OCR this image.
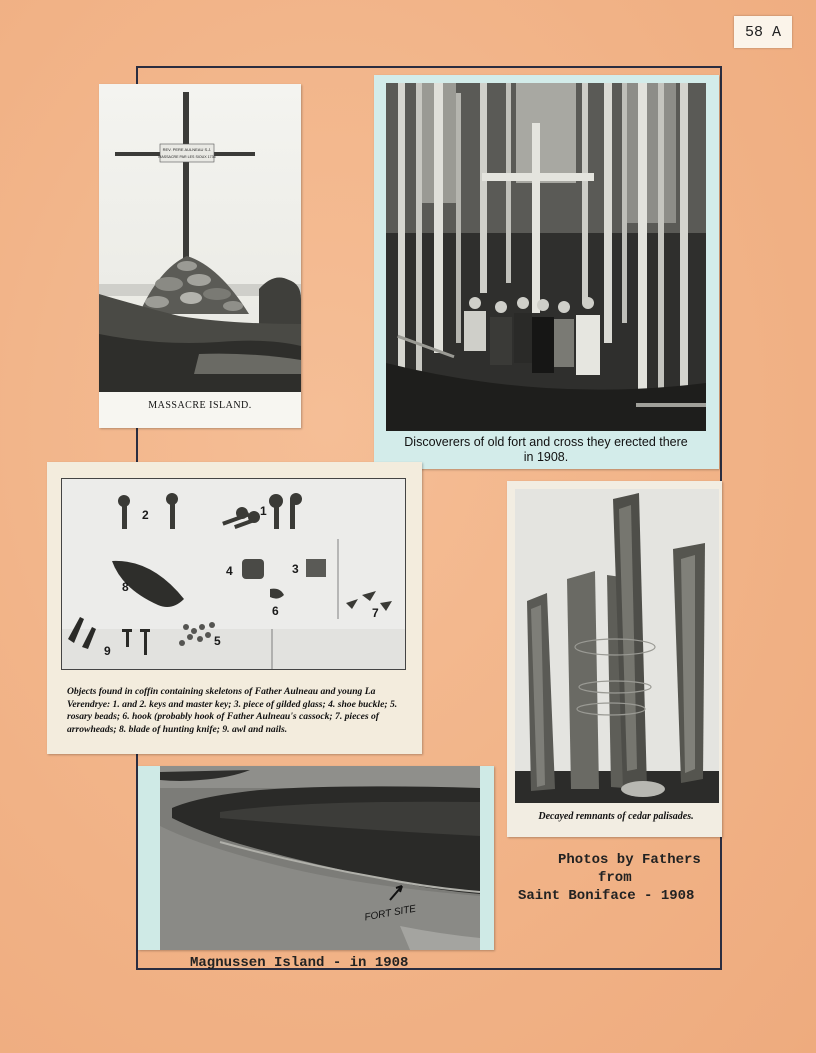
58 A
REV. PERE AULNEAU S.J.
MASSACRE PAR LES SIOUX 1736
MASSACRE ISLAND.
Discoverers of old fort and cross they erected there in 1908.
2	1
4	3
8
6	7
9
5
Objects found in coffin containing skeletons of Father Aulneau and young La Verendrye: 1. and 2. keys and master key; 3. piece of gilded glass; 4. shoe buckle; 5. rosary beads; 6. hook (probably hook of Father Aulneau's cassock; 7. pieces of arrowheads; 8. blade of hunting knife; 9. awl and nails.
Decayed remnants of cedar palisades.
FORT SITE
Magnussen Island - in 1908
Photos by Fathers
from
Saint Boniface - 1908
